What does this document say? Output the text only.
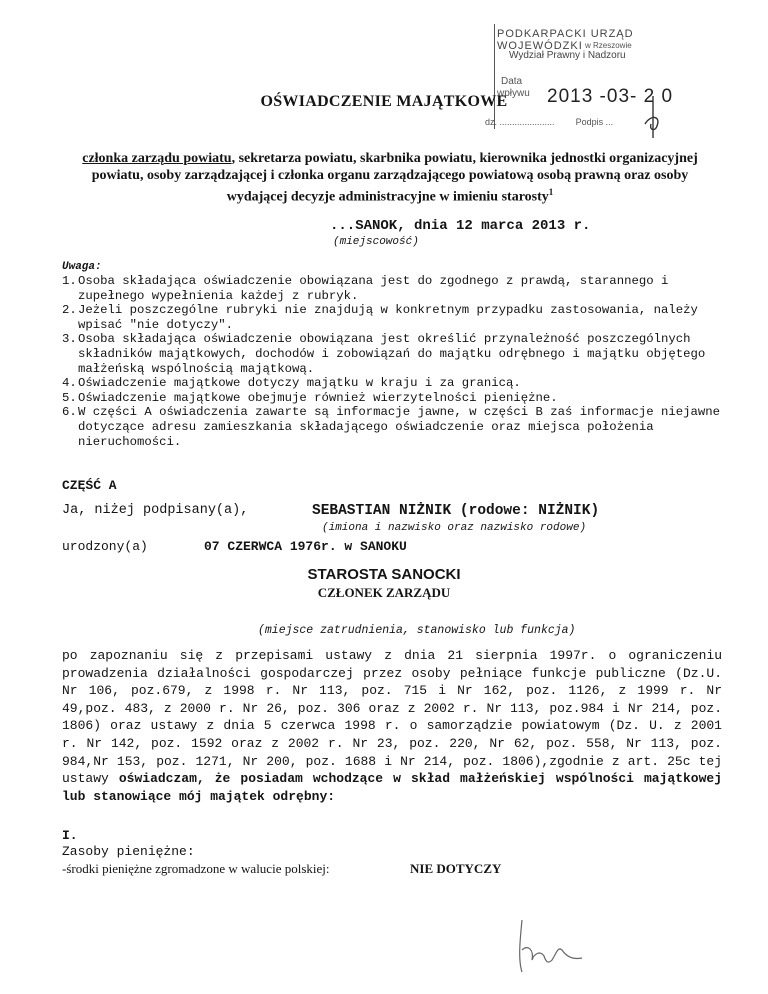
PODKARPACKI URZĄD WOJEWÓDZKI w Rzeszowie
Wydział Prawny i Nadzoru
Data
wpływu 2013 -03- 2 0
dz. ...................... Podpis ...
OŚWIADCZENIE MAJĄTKOWE
członka zarządu powiatu, sekretarza powiatu, skarbnika powiatu, kierownika jednostki organizacyjnej powiatu, osoby zarządzającej i członka organu zarządzającego powiatową osobą prawną oraz osoby wydającej decyzje administracyjne w imieniu starosty$^1$
...SANOK, dnia 12 marca 2013 r.
(miejscowość)
Uwaga:
1. Osoba składająca oświadczenie obowiązana jest do zgodnego z prawdą, starannego i zupełnego wypełnienia każdej z rubryk.
2. Jeżeli poszczególne rubryki nie znajdują w konkretnym przypadku zastosowania, należy wpisać "nie dotyczy".
3. Osoba składająca oświadczenie obowiązana jest określić przynależność poszczególnych składników majątkowych, dochodów i zobowiązań do majątku odrębnego i majątku objętego małżeńską wspólnością majątkową.
4. Oświadczenie majątkowe dotyczy majątku w kraju i za granicą.
5. Oświadczenie majątkowe obejmuje również wierzytelności pieniężne.
6. W części A oświadczenia zawarte są informacje jawne, w części B zaś informacje niejawne dotyczące adresu zamieszkania składającego oświadczenie oraz miejsca położenia nieruchomości.
CZĘŚĆ A
Ja, niżej podpisany(a),	SEBASTIAN NIŻNIK (rodowe: NIŻNIK)
(imiona i nazwisko oraz nazwisko rodowe)
urodzony(a)	07 CZERWCA 1976r. w SANOKU
STAROSTA SANOCKI
CZŁONEK ZARZĄDU
(miejsce zatrudnienia, stanowisko lub funkcja)
po zapoznaniu się z przepisami ustawy z dnia 21 sierpnia 1997r. o ograniczeniu prowadzenia działalności gospodarczej przez osoby pełniące funkcje publiczne (Dz.U. Nr 106, poz.679, z 1998 r. Nr 113, poz. 715 i Nr 162, poz. 1126, z 1999 r. Nr 49,poz. 483, z 2000 r. Nr 26, poz. 306 oraz z 2002 r. Nr 113, poz.984 i Nr 214, poz. 1806) oraz ustawy z dnia 5 czerwca 1998 r. o samorządzie powiatowym (Dz. U. z 2001 r. Nr 142, poz. 1592 oraz z 2002 r. Nr 23, poz. 220, Nr 62, poz. 558, Nr 113, poz. 984,Nr 153, poz. 1271, Nr 200, poz. 1688 i Nr 214, poz. 1806),zgodnie z art. 25c tej ustawy oświadczam, że posiadam wchodzące w skład małżeńskiej wspólności majątkowej lub stanowiące mój majątek odrębny:
I.
Zasoby pieniężne:
-środki pieniężne zgromadzone w walucie polskiej:	NIE DOTYCZY
